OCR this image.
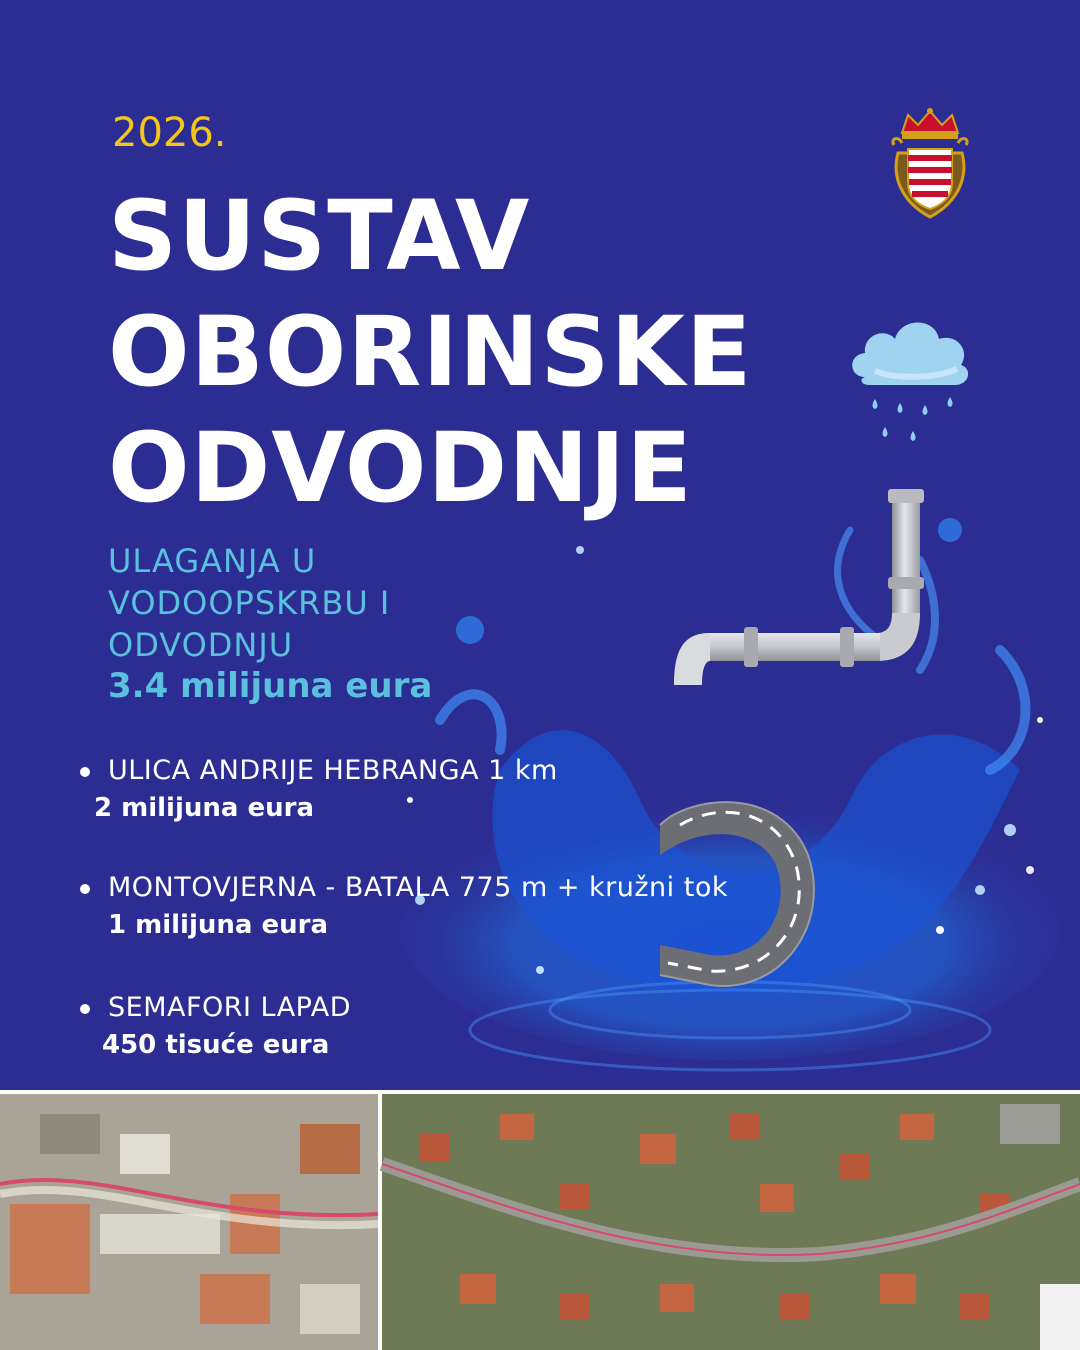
2026.
SUSTAV
OBORINSKE
ODVODNJE
ULAGANJA U
VODOOPSKRBU I
ODVODNJU
3.4 milijuna eura
ULICA ANDRIJE HEBRANGA 1 km
2 milijuna eura
MONTOVJERNA - BATALA 775 m + kružni tok
1 milijuna eura
SEMAFORI LAPAD
450 tisuće eura
